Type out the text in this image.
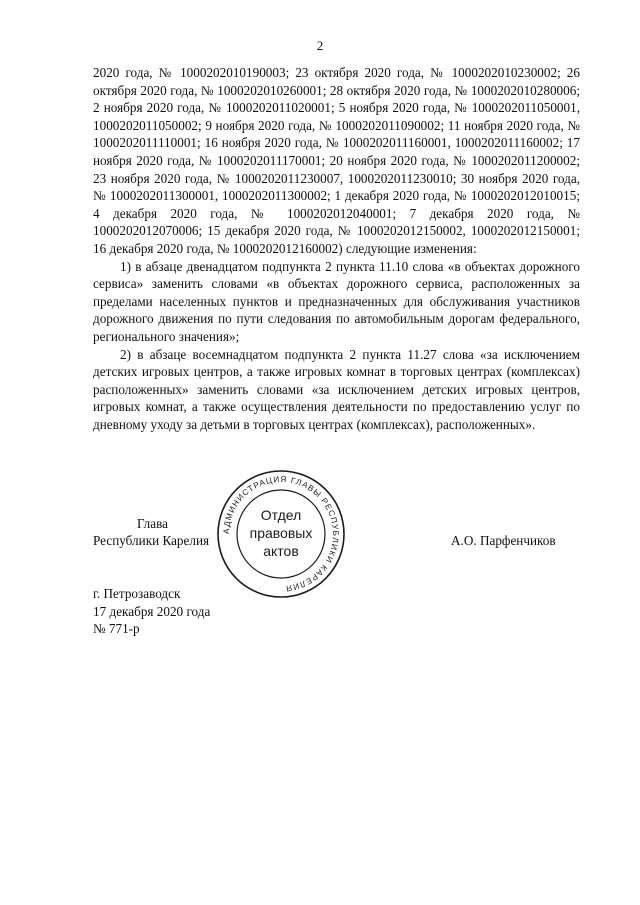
2

2020 года, № 1000202010190003; 23 октября 2020 года, № 1000202010230002; 26 октября 2020 года, № 1000202010260001; 28 октября 2020 года, № 1000202010280006; 2 ноября 2020 года, № 1000202011020001; 5 ноября 2020 года, № 1000202011050001, 1000202011050002; 9 ноября 2020 года, № 1000202011090002; 11 ноября 2020 года, № 1000202011110001; 16 ноября 2020 года, № 1000202011160001, 1000202011160002; 17 ноября 2020 года, № 1000202011170001; 20 ноября 2020 года, № 1000202011200002; 23 ноября 2020 года, № 1000202011230007, 1000202011230010; 30 ноября 2020 года, № 1000202011300001, 1000202011300002; 1 декабря 2020 года, № 1000202012010015; 4 декабря 2020 года, № 1000202012040001; 7 декабря 2020 года, № 1000202012070006; 15 декабря 2020 года, № 1000202012150002, 1000202012150001; 16 декабря 2020 года, № 1000202012160002) следующие изменения:

1) в абзаце двенадцатом подпункта 2 пункта 11.10 слова «в объектах дорожного сервиса» заменить словами «в объектах дорожного сервиса, расположенных за пределами населенных пунктов и предназначенных для обслуживания участников дорожного движения по пути следования по автомобильным дорогам федерального, регионального значения»;

2) в абзаце восемнадцатом подпункта 2 пункта 11.27 слова «за исключением детских игровых центров, а также игровых комнат в торговых центрах (комплексах) расположенных» заменить словами «за исключением детских игровых центров, игровых комнат, а также осуществления деятельности по предоставлению услуг по дневному уходу за детьми в торговых центрах (комплексах), расположенных».

Глава
Республики Карелия	А.О. Парфенчиков
АДМИНИСТРАЦИЯ ГЛАВЫ РЕСПУБЛИКИ КАРЕЛИЯ
Отдел
правовых
актов
г. Петрозаводск
17 декабря 2020 года
№ 771-р
